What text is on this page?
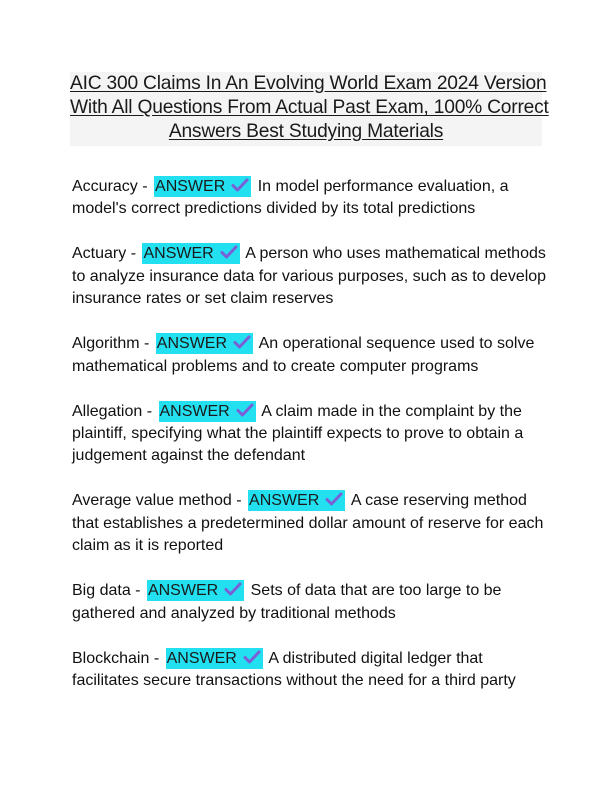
AIC 300 Claims In An Evolving World Exam 2024 Version
With All Questions From Actual Past Exam, 100% Correct
Answers Best Studying Materials
Accuracy - ANSWER In model performance evaluation, a model's correct predictions divided by its total predictions
Actuary - ANSWER A person who uses mathematical methods to analyze insurance data for various purposes, such as to develop insurance rates or set claim reserves
Algorithm - ANSWER An operational sequence used to solve mathematical problems and to create computer programs
Allegation - ANSWER A claim made in the complaint by the plaintiff, specifying what the plaintiff expects to prove to obtain a judgement against the defendant
Average value method - ANSWER A case reserving method that establishes a predetermined dollar amount of reserve for each claim as it is reported
Big data - ANSWER Sets of data that are too large to be gathered and analyzed by traditional methods
Blockchain - ANSWER A distributed digital ledger that facilitates secure transactions without the need for a third party
